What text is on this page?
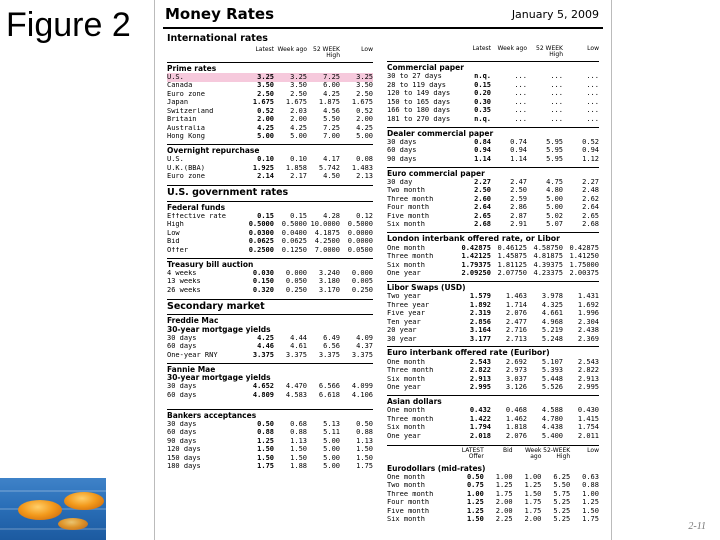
Figure 2
2-11
Money Rates	January 5, 2009
International rates
Latest Week ago	52 WEEK High
Low
Prime rates
U.S.	3.25	3.25	7.25	3.25
Canada	3.50	3.50	6.00	3.50
Euro zone	2.50	2.50	4.25	2.50
Japan	1.675	1.675	1.875	1.675
Switzerland	0.52	2.03	4.56	0.52
Britain	2.00	2.00	5.50	2.00
Australia	4.25	4.25	7.25	4.25
Hong Kong	5.00	5.00	7.00	5.00
Overnight repurchase
U.S.	0.10	0.10	4.17	0.08
U.K.(BBA)	1.925	1.858	5.742	1.483
Euro zone	2.14	2.17	4.50	2.13
U.S. government rates
Federal funds
Effective rate	0.15	0.15	4.28	0.12
High	0.5000	0.5000 10.0000	0.5000
Low	0.0300	0.0400	4.1875	0.0000
Bid	0.0625	0.0625	4.2500	0.0000
Offer	0.2500	0.1250	7.0000	0.0500
Treasury bill auction
4 weeks	0.030	0.000	3.240	0.000
13 weeks	0.150	0.050	3.180	0.005
26 weeks	0.320	0.250	3.170	0.250
Secondary market
Freddie Mac
30-year mortgage yields
30 days	4.25	4.44	6.49	4.09
60 days	4.46	4.61	6.56	4.37
One-year RNY	3.375	3.375	3.375	3.375
Fannie Mae
30-year mortgage yields
30 days	4.652	4.470	6.566	4.099
60 days	4.809	4.583	6.618	4.106
Bankers acceptances
30 days	0.50	0.68	5.13	0.50
60 days	0.88	0.88	5.11	0.88
90 days	1.25	1.13	5.00	1.13
120 days	1.50	1.50	5.00	1.50
150 days	1.50	1.50	5.00	1.50
180 days	1.75	1.88	5.00	1.75
Latest	Week ago	52 WEEK High
Low
Commercial paper
30 to 27 days	n.q.	...	...	...
28 to 119 days	0.15	...	...	...
120 to 149 days	0.20	...	...	...
150 to 165 days	0.30	...	...	...
166 to 180 days	0.35	...	...	...
181 to 270 days	n.q.	...	...	...
Dealer commercial paper
30 days	0.84	0.74	5.95	0.52
60 days	0.94	0.94	5.95	0.94
90 days	1.14	1.14	5.95	1.12
Euro commercial paper
30 day	2.27	2.47	4.75	2.27
Two month	2.50	2.50	4.80	2.48
Three month	2.60	2.59	5.00	2.62
Four month	2.64	2.86	5.00	2.64
Five month	2.65	2.87	5.02	2.65
Six month	2.68	2.91	5.07	2.68
London interbank offered rate, or Libor
One month	0.42875 0.46125 4.58750 0.42875
Three month	1.42125 1.45875 4.81875 1.41250
Six month	1.79375 1.81125 4.39375 1.75000
One year	2.09250 2.07750 4.23375 2.00375
Libor Swaps (USD)
Two year	1.579	1.463	3.978	1.431
Three year	1.892	1.714	4.325	1.692
Five year	2.319	2.076	4.661	1.996
Ten year	2.856	2.477	4.968	2.304
20 year	3.164	2.716	5.219	2.438
30 year	3.177	2.713	5.248	2.369
Euro interbank offered rate (Euribor)
One month	2.543	2.692	5.107	2.543
Three month	2.822	2.973	5.393	2.822
Six month	2.913	3.037	5.448	2.913
One year	2.995	3.126	5.526	2.995
Asian dollars
One month	0.432	0.468	4.588	0.430
Three month	1.422	1.462	4.780	1.415
Six month	1.794	1.818	4.438	1.754
One year	2.018	2.076	5.400	2.011
LATEST Offer
Bid	Week ago
52-WEEK High
Low
Eurodollars (mid-rates)
One month	0.50	1.00	1.00	6.25	0.63
Two month	0.75	1.25	1.25	5.50	0.88
Three month	1.00	1.75	1.50	5.75	1.00
Four month	1.25	2.00	1.75	5.25	1.25
Five month	1.25	2.00	1.75	5.25	1.50
Six month	1.50	2.25	2.00	5.25	1.75
